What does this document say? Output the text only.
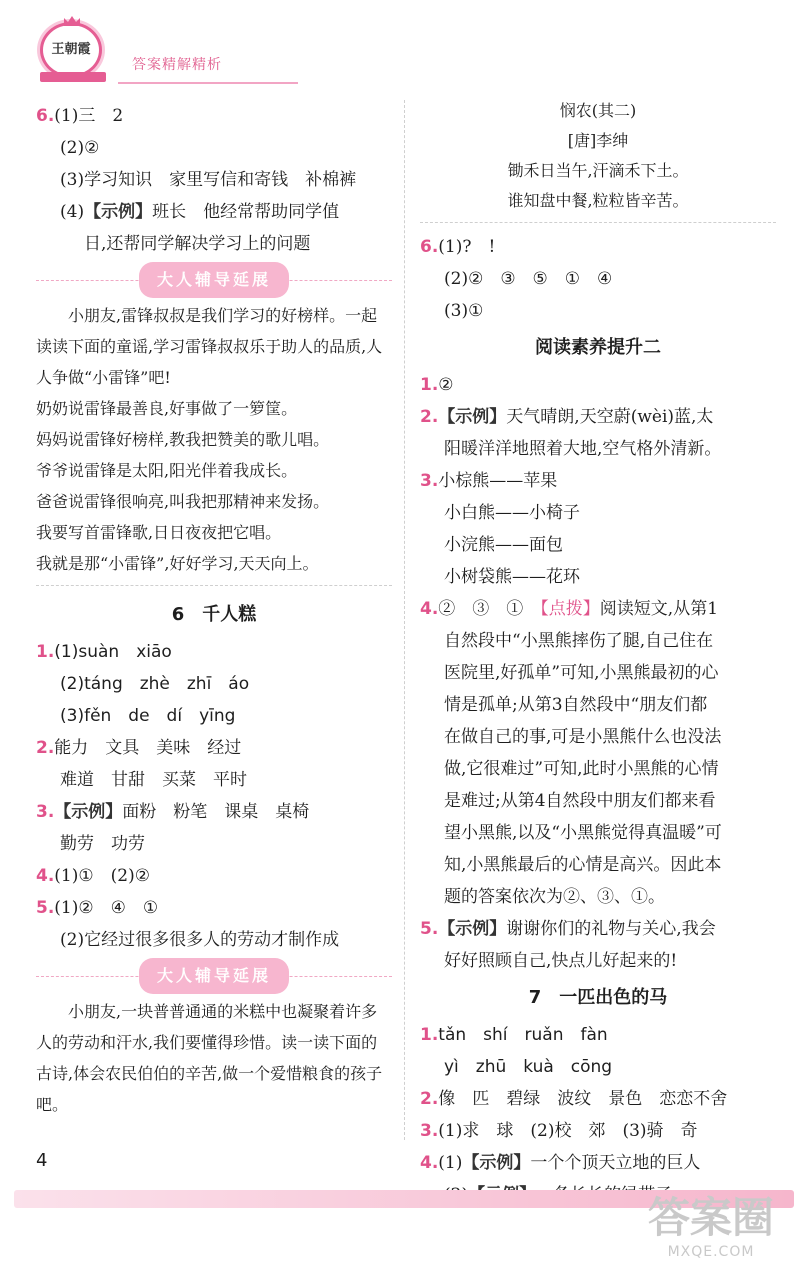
王朝霞
答案精解精析
6.(1)三　2
(2)②
(3)学习知识　家里写信和寄钱　补棉裤
(4)【示例】班长　他经常帮助同学值
日,还帮同学解决学习上的问题
大人辅导延展
小朋友,雷锋叔叔是我们学习的好榜样。一起读读下面的童谣,学习雷锋叔叔乐于助人的品质,人人争做“小雷锋”吧!
奶奶说雷锋最善良,好事做了一箩筐。
妈妈说雷锋好榜样,教我把赞美的歌儿唱。
爷爷说雷锋是太阳,阳光伴着我成长。
爸爸说雷锋很响亮,叫我把那精神来发扬。
我要写首雷锋歌,日日夜夜把它唱。
我就是那“小雷锋”,好好学习,天天向上。
6　千人糕
1.(1)suàn　xiāo
(2)táng　zhè　zhī　áo
(3)fěn　de　dí　yīng
2.能力　文具　美味　经过
难道　甘甜　买菜　平时
3.【示例】面粉　粉笔　课桌　桌椅
勤劳　功劳
4.(1)①　(2)②
5.(1)②　④　①
(2)它经过很多很多人的劳动才制作成
大人辅导延展
小朋友,一块普普通通的米糕中也凝聚着许多人的劳动和汗水,我们要懂得珍惜。读一读下面的古诗,体会农民伯伯的辛苦,做一个爱惜粮食的孩子吧。
悯农(其二)
[唐]李绅
锄禾日当午,汗滴禾下土。
谁知盘中餐,粒粒皆辛苦。
6.(1)?　!
(2)②　③　⑤　①　④
(3)①
阅读素养提升二
1.②
2.【示例】天气晴朗,天空蔚(wèi)蓝,太
阳暖洋洋地照着大地,空气格外清新。
3.小棕熊——苹果
小白熊——小椅子
小浣熊——面包
小树袋熊——花环
4.②　③　①　【点拨】阅读短文,从第1
自然段中“小黑熊摔伤了腿,自己住在
医院里,好孤单”可知,小黑熊最初的心
情是孤单;从第3自然段中“朋友们都
在做自己的事,可是小黑熊什么也没法
做,它很难过”可知,此时小黑熊的心情
是难过;从第4自然段中朋友们都来看
望小黑熊,以及“小黑熊觉得真温暖”可
知,小黑熊最后的心情是高兴。因此本
题的答案依次为②、③、①。
5.【示例】谢谢你们的礼物与关心,我会
好好照顾自己,快点儿好起来的!
7　一匹出色的马
1.tǎn　shí　ruǎn　fàn
yì　zhū　kuà　cōng
2.像　匹　碧绿　波纹　景色　恋恋不舍
3.(1)求　球　(2)校　郊　(3)骑　奇
4.(1)【示例】一个个顶天立地的巨人
4
答案圈
MXQE.COM
